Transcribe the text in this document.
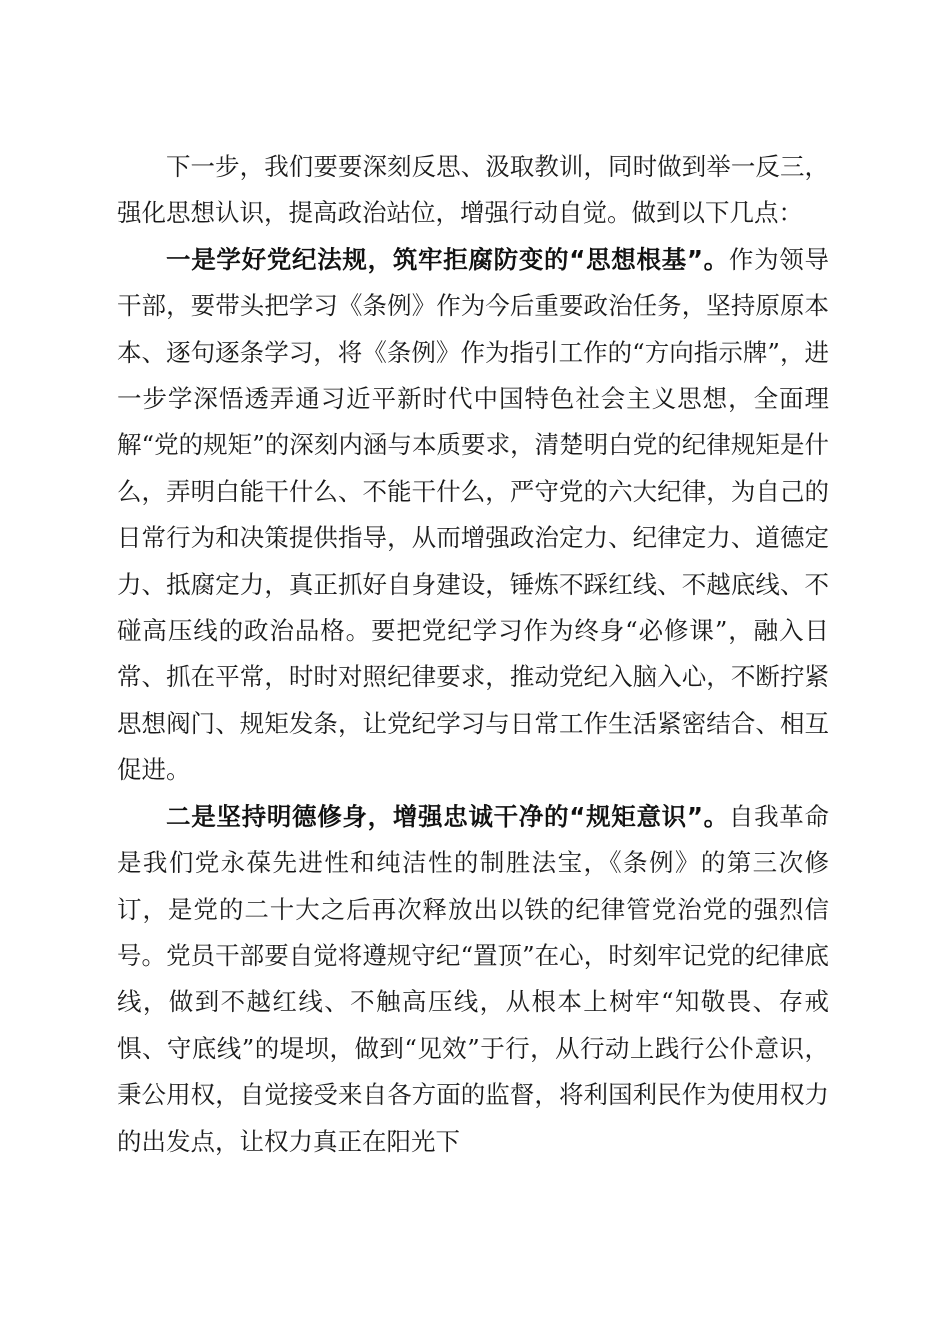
下一步，我们要要深刻反思、汲取教训，同时做到举一反三，强化思想认识，提高政治站位，增强行动自觉。做到以下几点：

一是学好党纪法规，筑牢拒腐防变的“思想根基”。作为领导干部，要带头把学习《条例》作为今后重要政治任务，坚持原原本本、逐句逐条学习，将《条例》作为指引工作的“方向指示牌”，进一步学深悟透弄通习近平新时代中国特色社会主义思想，全面理解“党的规矩”的深刻内涵与本质要求，清楚明白党的纪律规矩是什么，弄明白能干什么、不能干什么，严守党的六大纪律，为自己的日常行为和决策提供指导，从而增强政治定力、纪律定力、道德定力、抵腐定力，真正抓好自身建设，锤炼不踩红线、不越底线、不碰高压线的政治品格。要把党纪学习作为终身“必修课”，融入日常、抓在平常，时时对照纪律要求，推动党纪入脑入心，不断拧紧思想阀门、规矩发条，让党纪学习与日常工作生活紧密结合、相互促进。

二是坚持明德修身，增强忠诚干净的“规矩意识”。自我革命是我们党永葆先进性和纯洁性的制胜法宝，《条例》的第三次修订，是党的二十大之后再次释放出以铁的纪律管党治党的强烈信号。党员干部要自觉将遵规守纪“置顶”在心，时刻牢记党的纪律底线，做到不越红线、不触高压线，从根本上树牢“知敬畏、存戒惧、守底线”的堤坝，做到“见效”于行，从行动上践行公仆意识，秉公用权，自觉接受来自各方面的监督，将利国利民作为使用权力的出发点，让权力真正在阳光下
